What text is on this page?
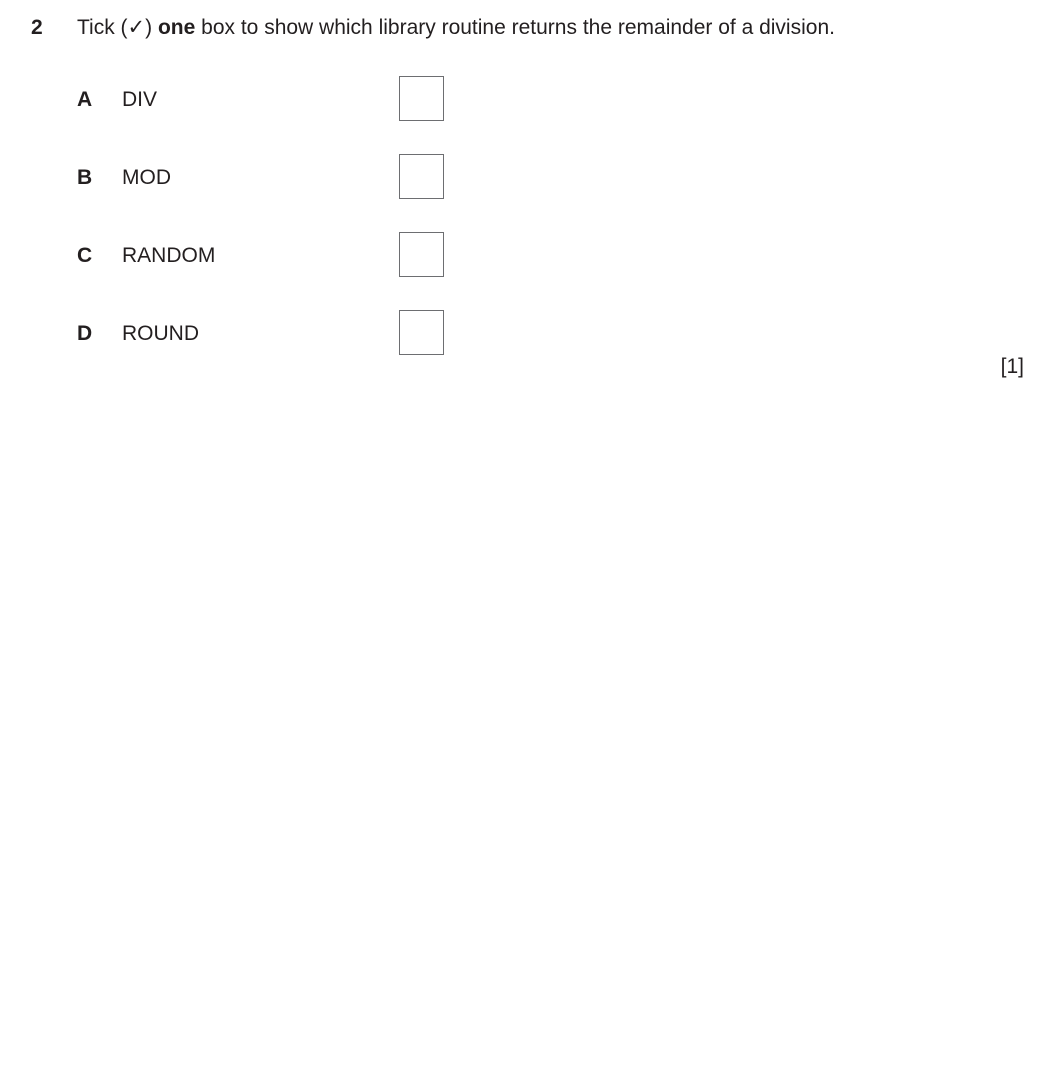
2 Tick (✓) one box to show which library routine returns the remainder of a division.
A DIV
B MOD
C RANDOM
D ROUND
[1]
